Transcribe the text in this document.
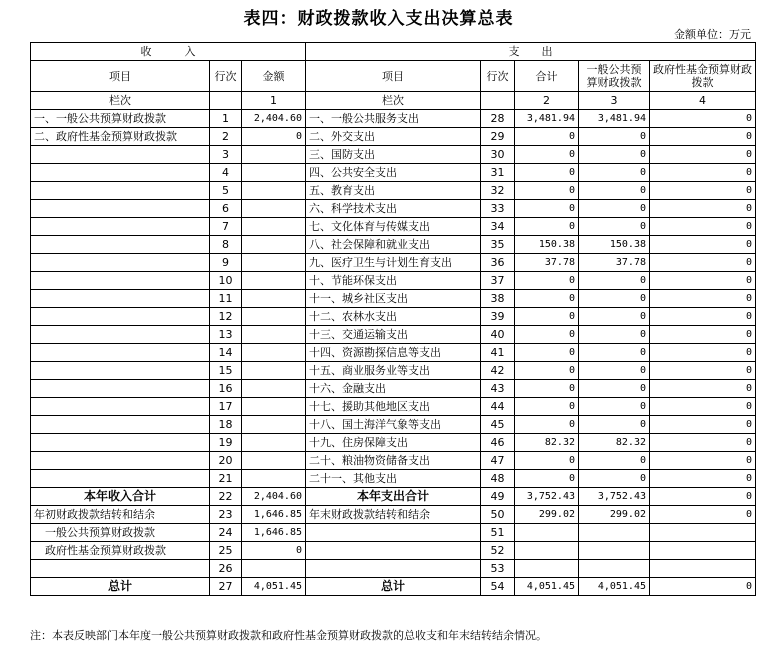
表四：财政拨款收入支出决算总表
金额单位：万元
收　　　入			支　　出				
项目	行次	金额	项目	行次	合计	一般公共预算财政拨款	政府性基金预算财政拨款
栏次		1	栏次		2	3	4
一、一般公共预算财政拨款	1	2,404.60	一、一般公共服务支出	28	3,481.94	3,481.94	0
二、政府性基金预算财政拨款	2	0	二、外交支出	29	0	0	0
	3		三、国防支出	30	0	0	0
	4		四、公共安全支出	31	0	0	0
	5		五、教育支出	32	0	0	0
	6		六、科学技术支出	33	0	0	0
	7		七、文化体育与传媒支出	34	0	0	0
	8		八、社会保障和就业支出	35	150.38	150.38	0
	9		九、医疗卫生与计划生育支出	36	37.78	37.78	0
	10		十、节能环保支出	37	0	0	0
	11		十一、城乡社区支出	38	0	0	0
	12		十二、农林水支出	39	0	0	0
	13		十三、交通运输支出	40	0	0	0
	14		十四、资源勘探信息等支出	41	0	0	0
	15		十五、商业服务业等支出	42	0	0	0
	16		十六、金融支出	43	0	0	0
	17		十七、援助其他地区支出	44	0	0	0
	18		十八、国土海洋气象等支出	45	0	0	0
	19		十九、住房保障支出	46	82.32	82.32	0
	20		二十、粮油物资储备支出	47	0	0	0
	21		二十一、其他支出	48	0	0	0
本年收入合计	22	2,404.60	本年支出合计	49	3,752.43	3,752.43	0
年初财政拨款结转和结余	23	1,646.85	年末财政拨款结转和结余	50	299.02	299.02	0
一般公共预算财政拨款	24	1,646.85		51			
政府性基金预算财政拨款	25	0		52			
	26			53			
总计	27	4,051.45	总计	54	4,051.45	4,051.45	0
注：本表反映部门本年度一般公共预算财政拨款和政府性基金预算财政拨款的总收支和年末结转结余情况。
